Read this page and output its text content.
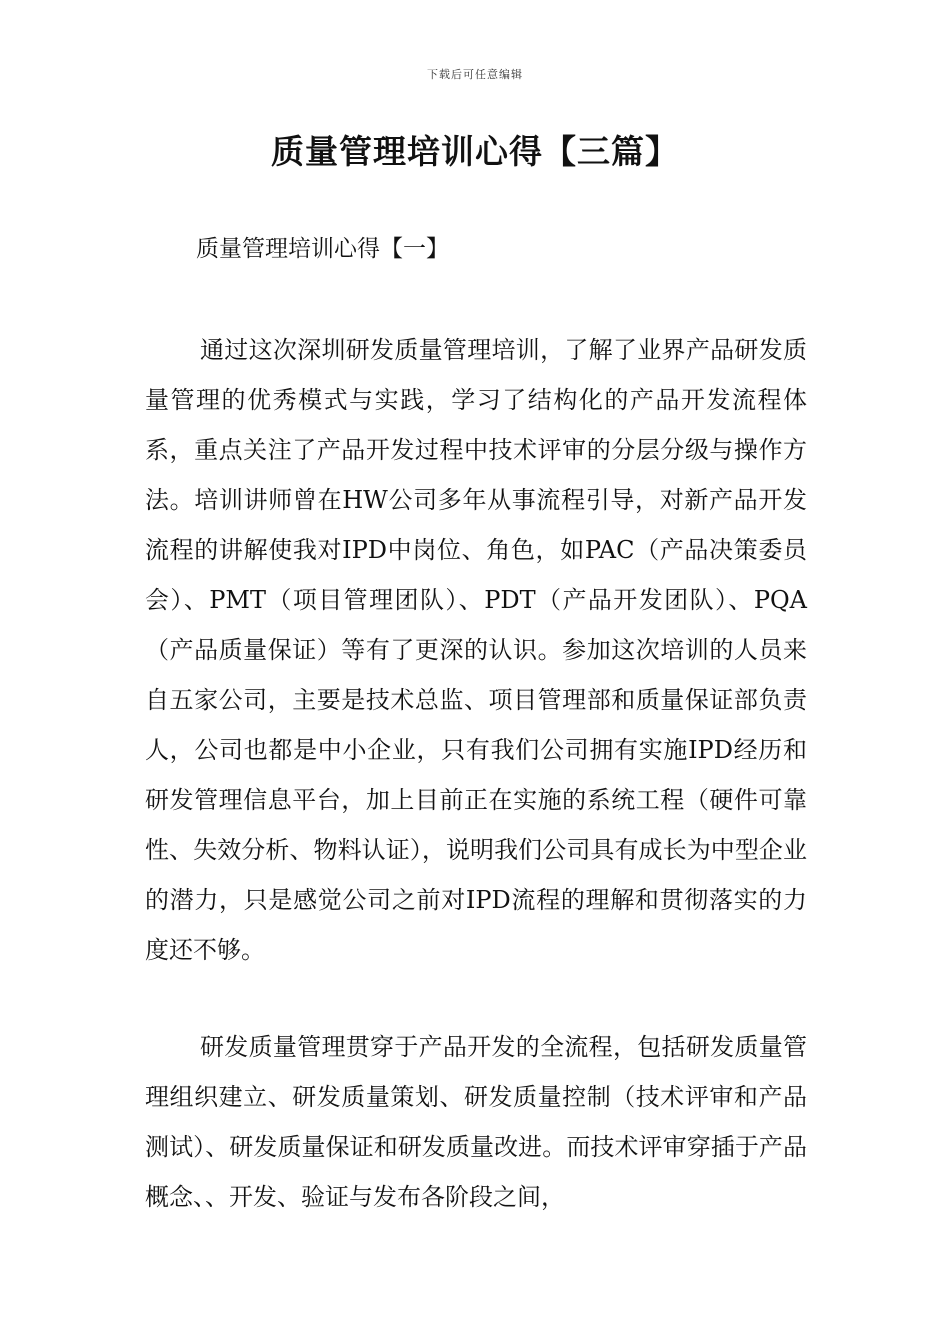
下载后可任意编辑
质量管理培训心得【三篇】
质量管理培训心得【一】

通过这次深圳研发质量管理培训，了解了业界产品研发质量管理的优秀模式与实践，学习了结构化的产品开发流程体系，重点关注了产品开发过程中技术评审的分层分级与操作方法。培训讲师曾在HW公司多年从事流程引导，对新产品开发流程的讲解使我对IPD中岗位、角色，如PAC（产品决策委员会）、PMT（项目管理团队）、PDT（产品开发团队）、PQA（产品质量保证）等有了更深的认识。参加这次培训的人员来自五家公司，主要是技术总监、项目管理部和质量保证部负责人，公司也都是中小企业，只有我们公司拥有实施IPD经历和研发管理信息平台，加上目前正在实施的系统工程（硬件可靠性、失效分析、物料认证），说明我们公司具有成长为中型企业的潜力，只是感觉公司之前对IPD流程的理解和贯彻落实的力度还不够。

研发质量管理贯穿于产品开发的全流程，包括研发质量管理组织建立、研发质量策划、研发质量控制（技术评审和产品测试）、研发质量保证和研发质量改进。而技术评审穿插于产品概念、、开发、验证与发布各阶段之间，
